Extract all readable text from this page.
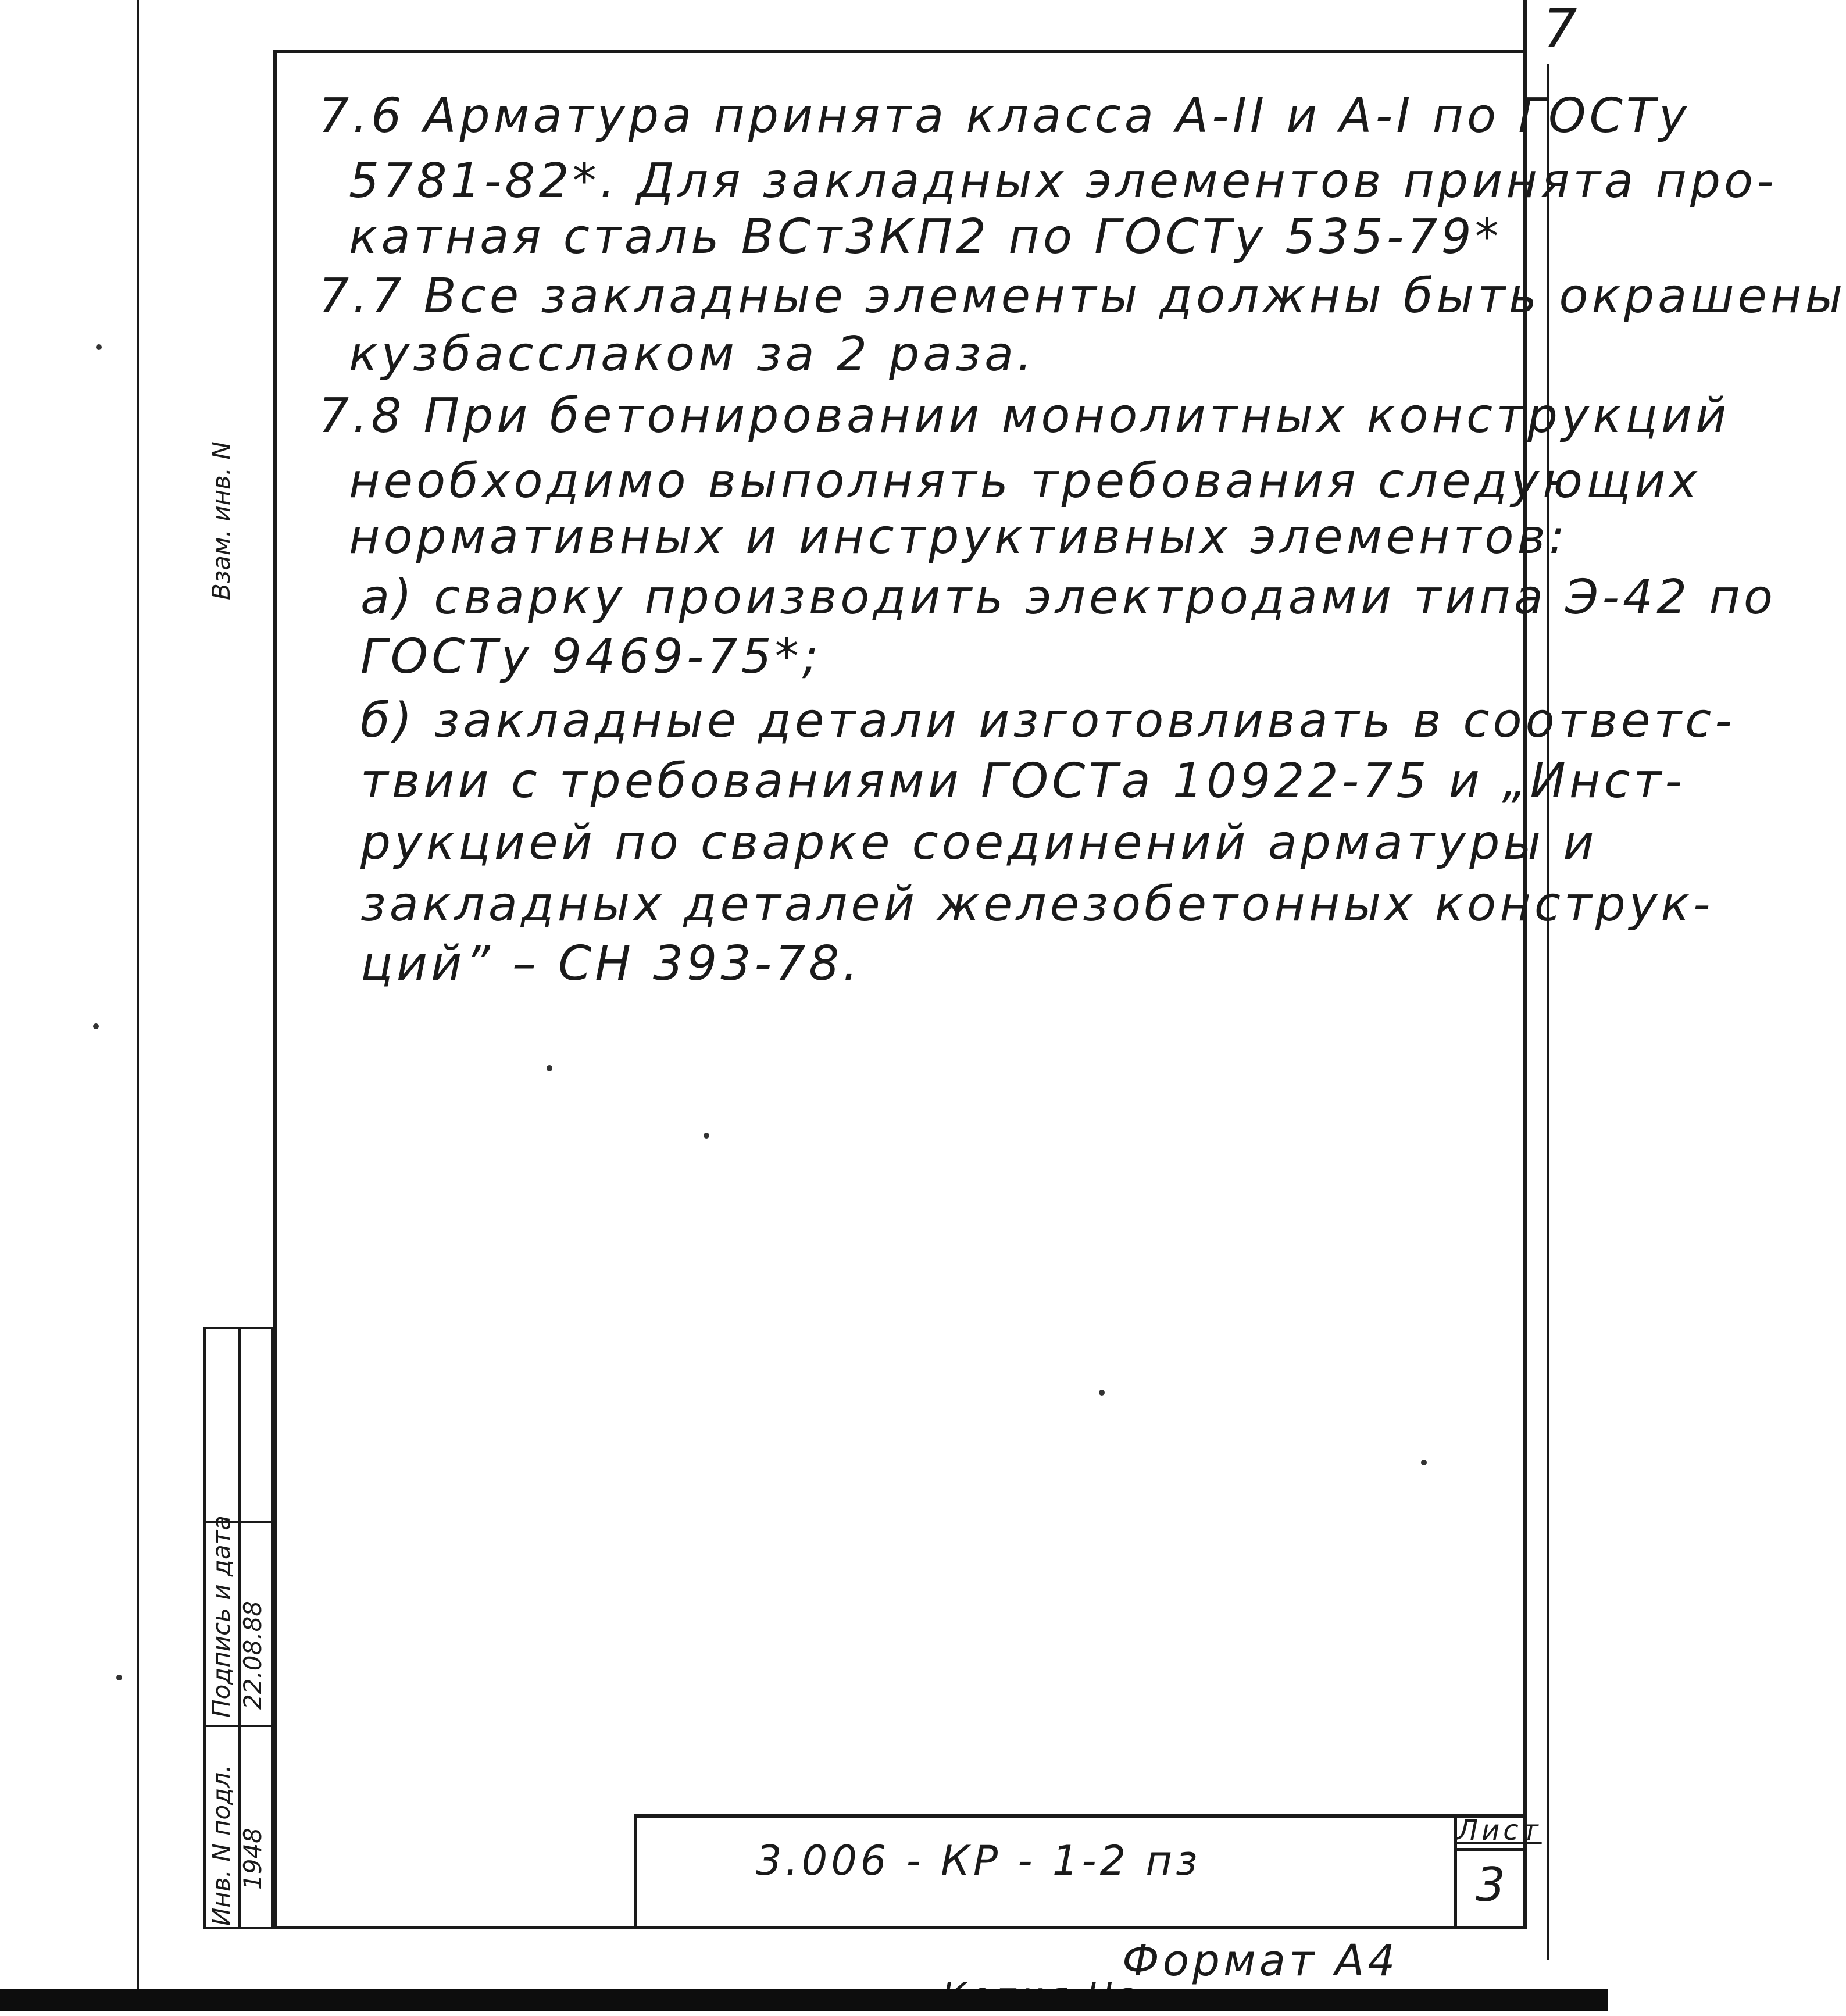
7
7.6 Арматура принята класса А-II и А-I по ГОСТу
5781-82*. Для закладных элементов принята про-
катная сталь ВСт3КП2 по ГОСТу 535-79*
7.7 Все закладные элементы должны быть окрашены
кузбасслаком за 2 раза.
7.8 При бетонировании монолитных конструкций
необходимо выполнять требования следующих
нормативных и инструктивных элементов:
а) сварку производить электродами типа Э-42 по
ГОСТу 9469-75*;
б) закладные детали изготовливать в соответс-
твии с требованиями ГОСТа 10922-75 и „Инст-
рукцией по сварке соединений арматуры и
закладных деталей железобетонных конструк-
ций” – СН 393-78.
Взам. инв. N
Подпись и дата 22.08.88
Инв. N подл. 1948	3.006 - КР - 1-2 пз
Лист
3
Формат А4
